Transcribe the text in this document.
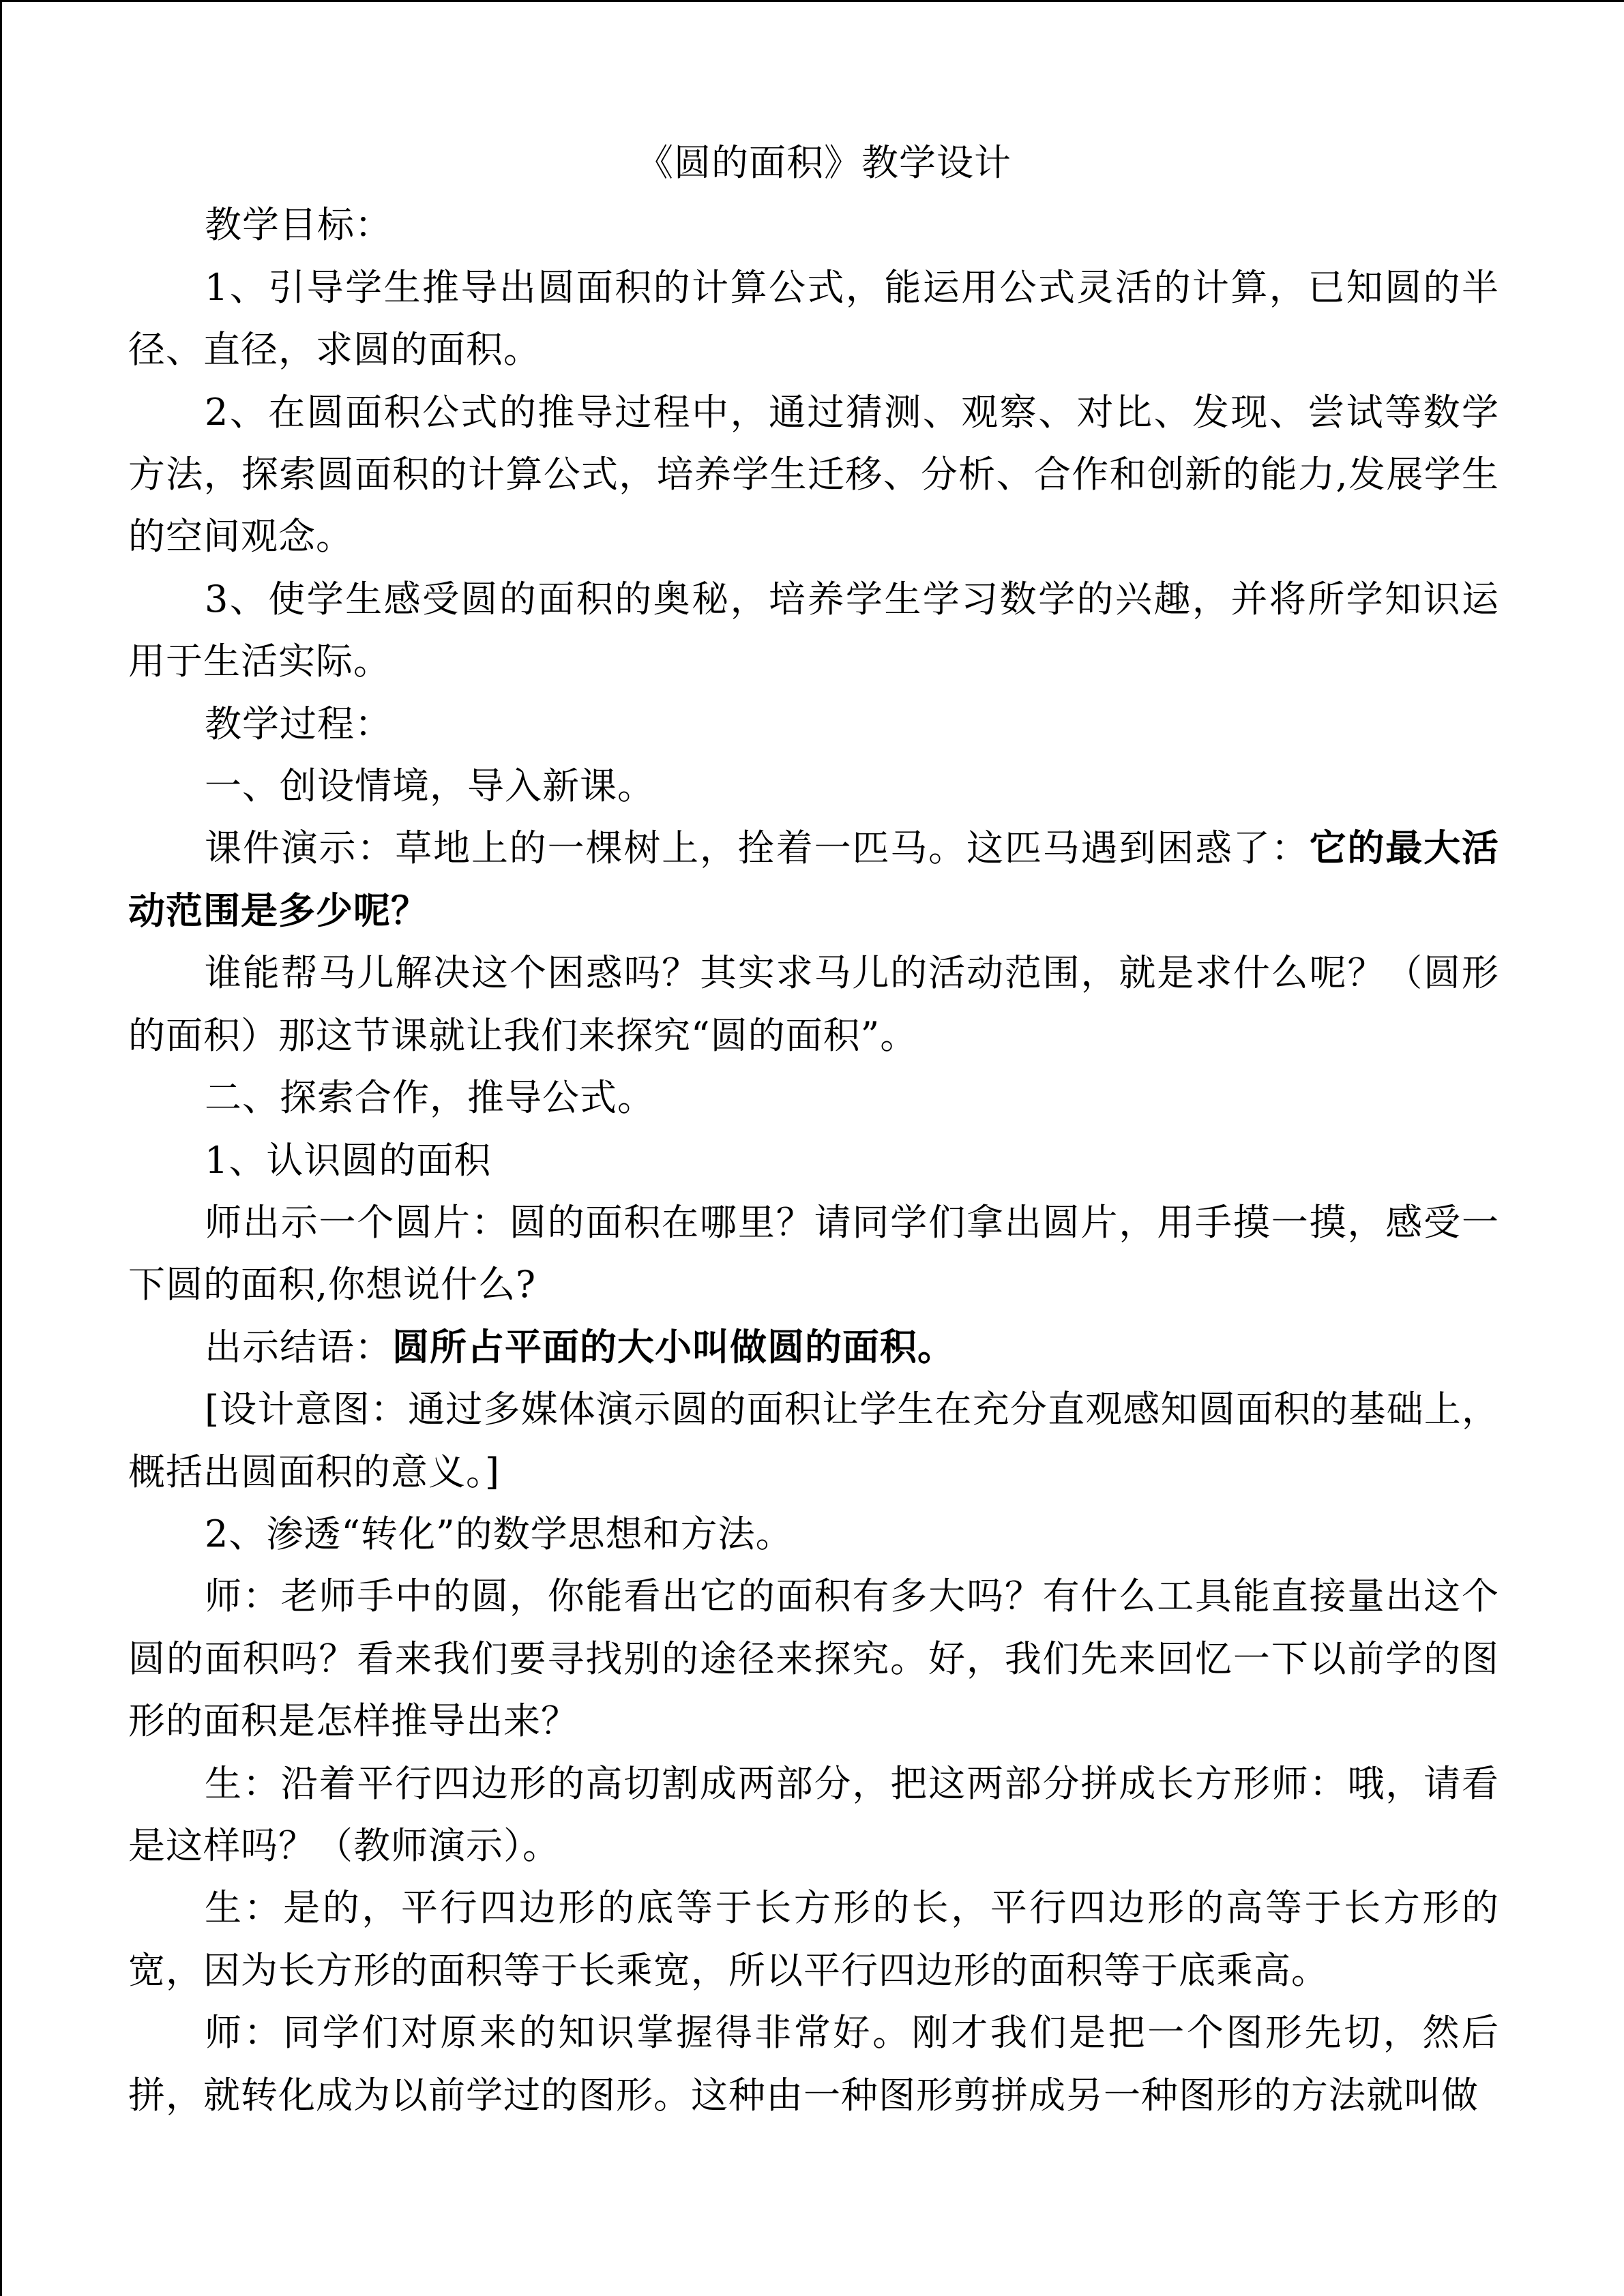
《圆的面积》教学设计

教学目标：

1、引导学生推导出圆面积的计算公式，能运用公式灵活的计算，已知圆的半径、直径，求圆的面积。

2、在圆面积公式的推导过程中，通过猜测、观察、对比、发现、尝试等数学方法，探索圆面积的计算公式，培养学生迁移、分析、合作和创新的能力,发展学生的空间观念。

3、使学生感受圆的面积的奥秘，培养学生学习数学的兴趣，并将所学知识运用于生活实际。

教学过程：

一、创设情境，导入新课。

课件演示：草地上的一棵树上，拴着一匹马。这匹马遇到困惑了：它的最大活动范围是多少呢？

谁能帮马儿解决这个困惑吗？其实求马儿的活动范围，就是求什么呢？（圆形的面积）那这节课就让我们来探究“圆的面积”。

二、探索合作，推导公式。

1、认识圆的面积

师出示一个圆片：圆的面积在哪里？请同学们拿出圆片，用手摸一摸，感受一下圆的面积,你想说什么?

出示结语：圆所占平面的大小叫做圆的面积。

[设计意图：通过多媒体演示圆的面积让学生在充分直观感知圆面积的基础上，概括出圆面积的意义。]

2、渗透“转化”的数学思想和方法。

师：老师手中的圆，你能看出它的面积有多大吗？有什么工具能直接量出这个圆的面积吗？看来我们要寻找别的途径来探究。好，我们先来回忆一下以前学的图形的面积是怎样推导出来？

生：沿着平行四边形的高切割成两部分，把这两部分拼成长方形师：哦，请看是这样吗？（教师演示）。

生：是的，平行四边形的底等于长方形的长，平行四边形的高等于长方形的宽，因为长方形的面积等于长乘宽，所以平行四边形的面积等于底乘高。

师：同学们对原来的知识掌握得非常好。刚才我们是把一个图形先切，然后拼，就转化成为以前学过的图形。这种由一种图形剪拼成另一种图形的方法就叫做
